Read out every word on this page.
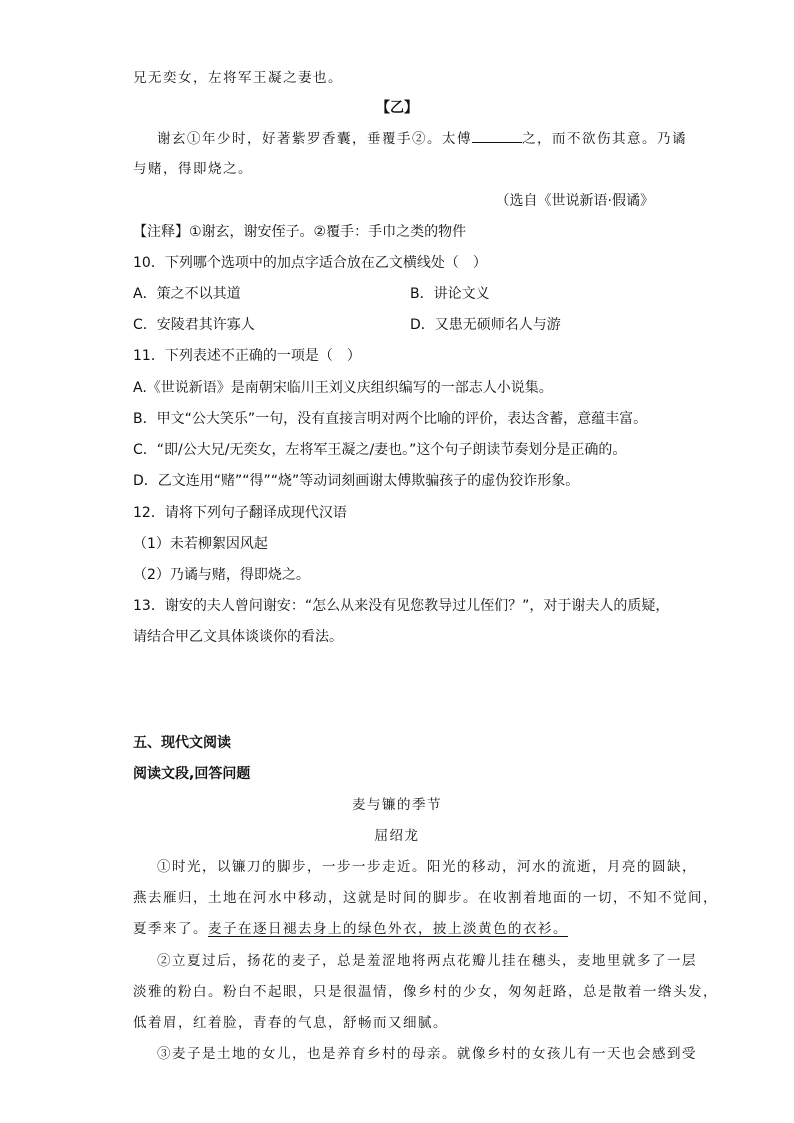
兄无奕女，左将军王凝之妻也。
【乙】
谢玄①年少时，好著紫罗香囊，垂覆手②。太傅	之，而不欲伤其意。乃谲
与赌，得即烧之。
（选自《世说新语·假谲》
【注释】①谢玄，谢安侄子。②覆手：手巾之类的物件
10．下列哪个选项中的加点字适合放在乙文横线处（　）
A．策之不以其道	B．讲论文义
C．安陵君其许寡人	D．又患无硕师名人与游
11．下列表述不正确的一项是（　）
A.《世说新语》是南朝宋临川王刘义庆组织编写的一部志人小说集。
B．甲文“公大笑乐”一句，没有直接言明对两个比喻的评价，表达含蓄，意蕴丰富。
C．“即/公大兄/无奕女，左将军王凝之/妻也。”这个句子朗读节奏划分是正确的。
D．乙文连用“赌”“得”“烧”等动词刻画谢太傅欺骗孩子的虚伪狡诈形象。
12．请将下列句子翻译成现代汉语
（1）未若柳絮因风起
（2）乃谲与赌，得即烧之。
13．谢安的夫人曾问谢安：“怎么从来没有见您教导过儿侄们？”，对于谢夫人的质疑，
请结合甲乙文具体谈谈你的看法。
五、现代文阅读
阅读文段,回答问题
麦与镰的季节
屈绍龙
①时光，以镰刀的脚步，一步一步走近。阳光的移动，河水的流逝，月亮的圆缺，
燕去雁归，土地在河水中移动，这就是时间的脚步。在收割着地面的一切，不知不觉间，
夏季来了。麦子在逐日褪去身上的绿色外衣，披上淡黄色的衣衫。
②立夏过后，扬花的麦子，总是羞涩地将两点花瓣儿挂在穗头，麦地里就多了一层
淡雅的粉白。粉白不起眼，只是很温情，像乡村的少女，匆匆赶路，总是散着一绺头发，
低着眉，红着脸，青春的气息，舒畅而又细腻。
③麦子是土地的女儿，也是养育乡村的母亲。就像乡村的女孩儿有一天也会感到受
